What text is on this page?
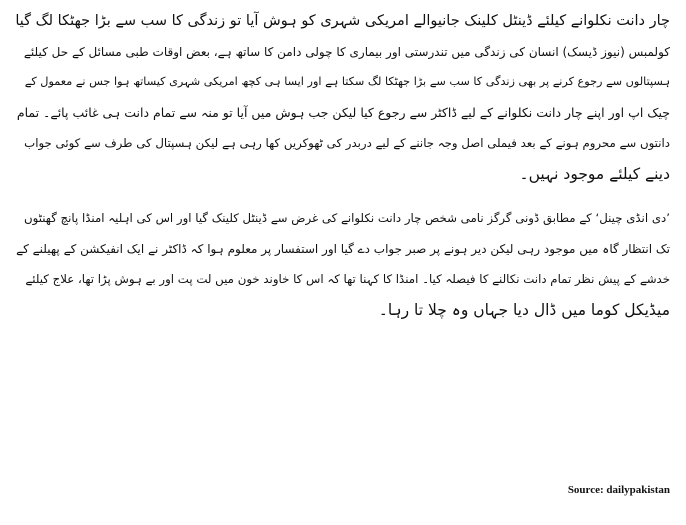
چار دانت نکلوانے کیلئے ڈینٹل کلینک جانیوالے امریکی شہری کو ہوش آیا تو زندگی کا سب سے بڑا جھٹکا لگ گیا
کولمبس (نیوز ڈیسک) انسان کی زندگی میں تندرستی اور بیماری کا چولی دامن کا ساتھ ہے، بعض اوقات طبی مسائل کے حل کیلئے
ہسپتالوں سے رجوع کرنے پر بھی زندگی کا سب سے بڑا جھٹکا لگ سکتا ہے اور ایسا ہی کچھ امریکی شہری کیساتھ ہوا جس نے معمول کے
چیک اپ اور اپنے چار دانت نکلوانے کے لیے ڈاکٹر سے رجوع کیا لیکن جب ہوش میں آیا تو منہ سے تمام دانت ہی غائب پائے۔ تمام
دانتوں سے محروم ہونے کے بعد فیملی اصل وجہ جاننے کے لیے دربدر کی ٹھوکریں کھا رہی ہے لیکن ہسپتال کی طرف سے کوئی جواب
دینے کیلئے موجود نہیں۔
’دی انڈی چینل‘ کے مطابق ڈونی گرگز نامی شخص چار دانت نکلوانے کی غرض سے ڈینٹل کلینک گیا اور اس کی اہلیہ امنڈا پانچ گھنٹوں
تک انتظار گاہ میں موجود رہی لیکن دیر ہونے پر صبر جواب دے گیا اور استفسار پر معلوم ہوا کہ ڈاکٹر نے ایک انفیکشن کے پھیلنے کے
خدشے کے پیش نظر تمام دانت نکالنے کا فیصلہ کیا۔ امنڈا کا کہنا تھا کہ اس کا خاوند خون میں لت پت اور بے ہوش پڑا تھا، علاج کیلئے
میڈیکل کوما میں ڈال دیا جہاں وہ چلا تا رہا۔
Source: dailypakistan
